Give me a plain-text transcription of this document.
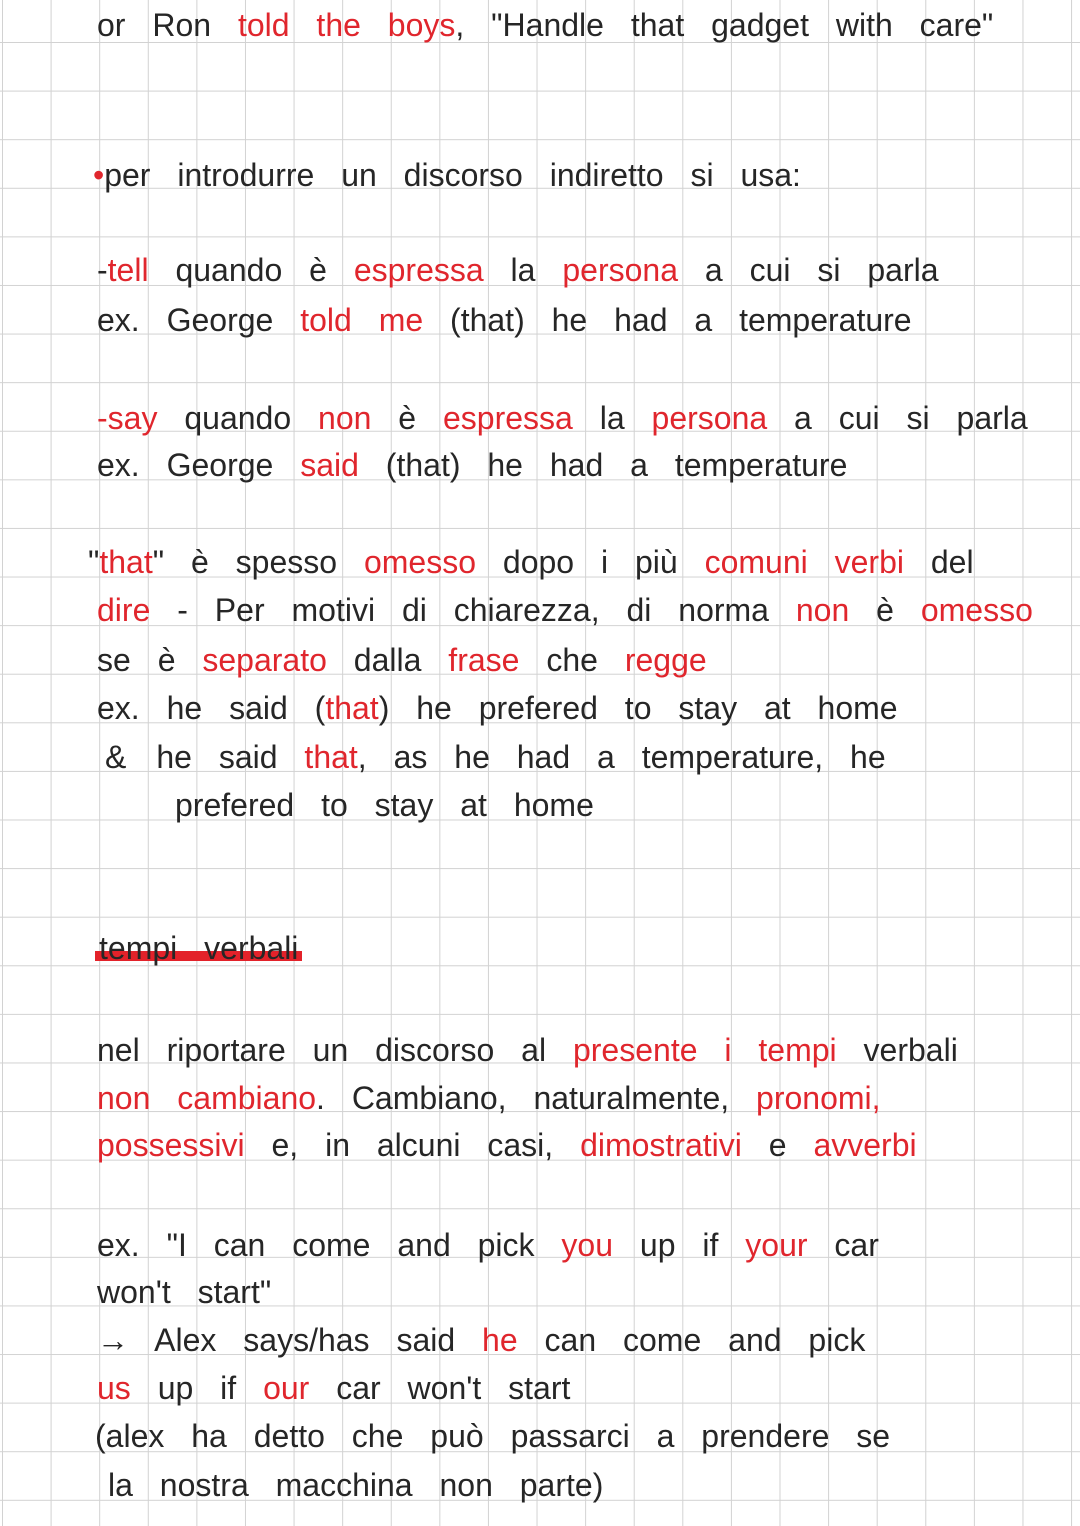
or Ron told the boys, "Handle that gadget with care"
•per introdurre un discorso indiretto si usa:
-tell quando è espressa la persona a cui si parla
ex. George told me (that) he had a temperature
-say quando non è espressa la persona a cui si parla
ex. George said (that) he had a temperature
"that" è spesso omesso dopo i più comuni verbi del
dire - Per motivi di chiarezza, di norma non è omesso
se è separato dalla frase che regge
ex. he said (that) he prefered to stay at home
& he said that, as he had a temperature, he
prefered to stay at home
tempi verbali
nel riportare un discorso al presente i tempi verbali
non cambiano. Cambiano, naturalmente, pronomi,
possessivi e, in alcuni casi, dimostrativi e avverbi
ex. "I can come and pick you up if your car
won't start"
→ Alex says/has said he can come and pick
us up if our car won't start
(alex ha detto che può passarci a prendere se
la nostra macchina non parte)
